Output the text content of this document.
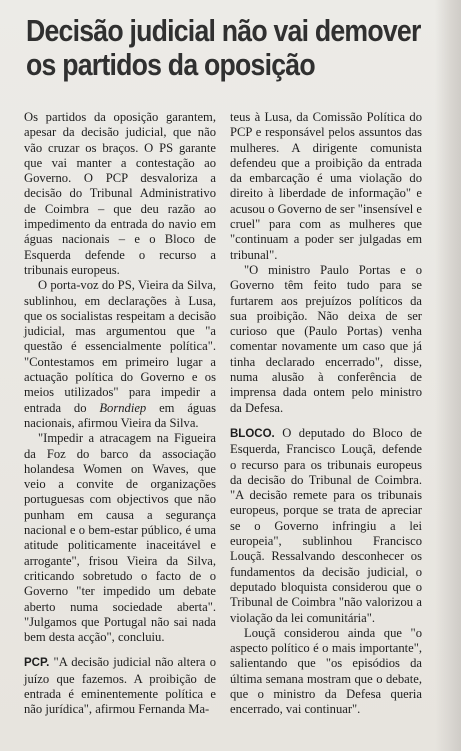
Decisão judicial não vai demover
os partidos da oposição

Os partidos da oposição garantem, apesar da decisão judicial, que não vão cruzar os braços. O PS garante que vai manter a contestação ao Governo. O PCP desvaloriza a decisão do Tribunal Administrativo de Coimbra – que deu razão ao impedimento da entrada do navio em águas nacionais – e o Bloco de Esquerda defende o recurso a tribunais europeus.

O porta-voz do PS, Vieira da Silva, sublinhou, em declarações à Lusa, que os socialistas respeitam a decisão judicial, mas argumentou que "a questão é essencialmente política". "Contestamos em primeiro lugar a actuação política do Governo e os meios utilizados" para impedir a entrada do Borndiep em águas nacionais, afirmou Vieira da Silva.

"Impedir a atracagem na Figueira da Foz do barco da associação holandesa Women on Waves, que veio a convite de organizações portuguesas com objectivos que não punham em causa a segurança nacional e o bem-estar público, é uma atitude politicamente inaceitável e arrogante", frisou Vieira da Silva, criticando sobretudo o facto de o Governo "ter impedido um debate aberto numa sociedade aberta". "Julgamos que Portugal não sai nada bem desta acção", concluiu.

PCP. "A decisão judicial não altera o juízo que fazemos. A proibição de entrada é eminentemente política e não jurídica", afirmou Fernanda Ma-

teus à Lusa, da Comissão Política do PCP e responsável pelos assuntos das mulheres. A dirigente comunista defendeu que a proibição da entrada da embarcação é uma violação do direito à liberdade de informação" e acusou o Governo de ser "insensível e cruel" para com as mulheres que "continuam a poder ser julgadas em tribunal".

"O ministro Paulo Portas e o Governo têm feito tudo para se furtarem aos prejuízos políticos da sua proibição. Não deixa de ser curioso que (Paulo Portas) venha comentar novamente um caso que já tinha declarado encerrado", disse, numa alusão à conferência de imprensa dada ontem pelo ministro da Defesa.

BLOCO. O deputado do Bloco de Esquerda, Francisco Louçã, defende o recurso para os tribunais europeus da decisão do Tribunal de Coimbra. "A decisão remete para os tribunais europeus, porque se trata de apreciar se o Governo infringiu a lei europeia", sublinhou Francisco Louçã. Ressalvando desconhecer os fundamentos da decisão judicial, o deputado bloquista considerou que o Tribunal de Coimbra "não valorizou a violação da lei comunitária".

Louçã considerou ainda que "o aspecto político é o mais importante", salientando que "os episódios da última semana mostram que o debate, que o ministro da Defesa queria encerrado, vai continuar".
